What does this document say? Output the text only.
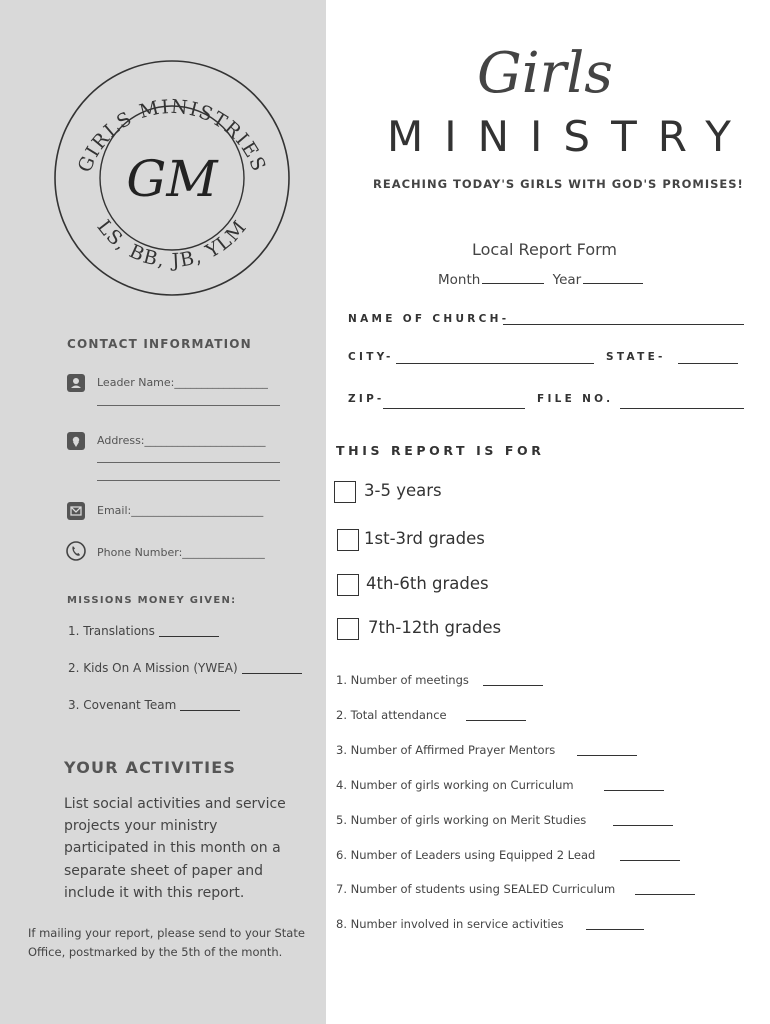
GIRLS MINISTRIES
LS, BB, JB, YLM
GM
CONTACT INFORMATION
Leader Name:_________________
Address:______________________
Email:________________________
Phone Number:_______________
MISSIONS MONEY GIVEN:
1. Translations
2. Kids On A Mission (YWEA)
3. Covenant Team
YOUR ACTIVITIES
List social activities and service projects your ministry participated in this month on a separate sheet of paper and include it with this report.
If mailing your report, please send to your State Office, postmarked by the 5th of the month.
Girls
MINISTRY
REACHING TODAY'S GIRLS WITH GOD'S PROMISES!
Local Report Form
Month	Year
NAME OF CHURCH-
CITY-	STATE-
ZIP-	FILE NO.
THIS REPORT IS FOR
3-5 years
1st-3rd grades
4th-6th grades
7th-12th grades
1. Number of meetings
2. Total attendance
3. Number of Affirmed Prayer Mentors
4. Number of girls working on Curriculum
5. Number of girls working on Merit Studies
6. Number of Leaders using Equipped 2 Lead
7. Number of students using SEALED Curriculum
8. Number involved in service activities
